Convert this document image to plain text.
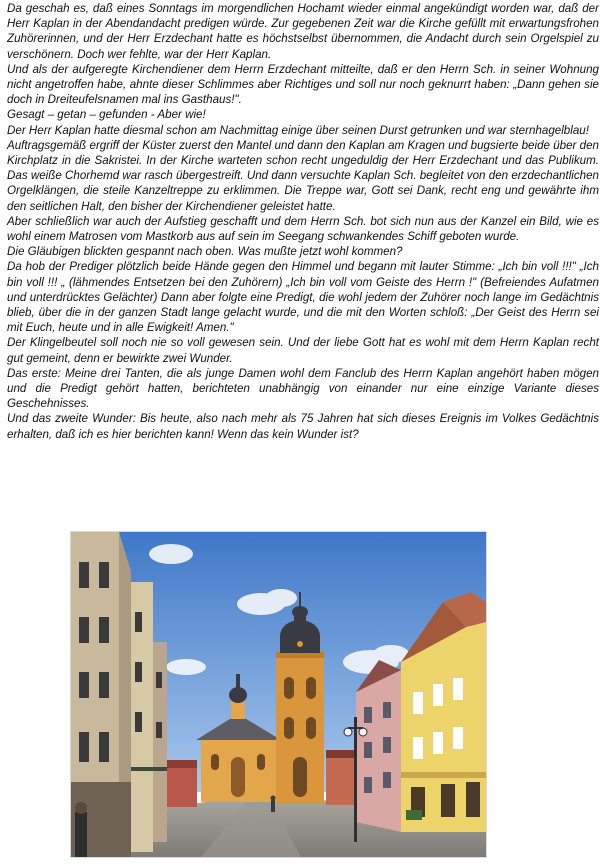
Da geschah es, daß eines Sonntags im morgendlichen Hochamt wieder einmal angekündigt worden war, daß der Herr Kaplan in der Abendandacht predigen würde. Zur gegebenen Zeit war die Kirche gefüllt mit erwartungsfrohen Zuhörerinnen, und der Herr Erzdechant hatte es höchstselbst übernommen, die Andacht durch sein Orgelspiel zu verschönern. Doch wer fehlte, war der Herr Kaplan.

Und als der aufgeregte Kirchendiener dem Herrn Erzdechant mitteilte, daß er den Herrn Sch. in seiner Wohnung nicht angetroffen habe, ahnte dieser Schlimmes aber Richtiges und soll nur noch geknurrt haben: „Dann gehen sie doch in Dreiteufelsnamen mal ins Gasthaus!".

Gesagt – getan – gefunden - Aber wie!

Der Herr Kaplan hatte diesmal schon am Nachmittag einige über seinen Durst getrunken und war sternhagelblau!

Auftragsgemäß ergriff der Küster zuerst den Mantel und dann den Kaplan am Kragen und bugsierte beide über den Kirchplatz in die Sakristei. In der Kirche warteten schon recht ungeduldig der Herr Erzdechant und das Publikum. Das weiße Chorhemd war rasch übergestreift. Und dann versuchte Kaplan Sch. begleitet von den erzdechantlichen Orgelklängen, die steile Kanzeltreppe zu erklimmen. Die Treppe war, Gott sei Dank, recht eng und gewährte ihm den seitlichen Halt, den bisher der Kirchendiener geleistet hatte.

Aber schließlich war auch der Aufstieg geschafft und dem Herrn Sch. bot sich nun aus der Kanzel ein Bild, wie es wohl einem Matrosen vom Mastkorb aus auf sein im Seegang schwankendes Schiff geboten wurde.

Die Gläubigen blickten gespannt nach oben. Was mußte jetzt wohl kommen?

Da hob der Prediger plötzlich beide Hände gegen den Himmel und begann mit lauter Stimme: „Ich bin voll !!!" „Ich bin voll !!! „ (lähmendes Entsetzen bei den Zuhörern) „Ich bin voll vom Geiste des Herrn !" (Befreiendes Aufatmen und unterdrücktes Gelächter) Dann aber folgte eine Predigt, die wohl jedem der Zuhörer noch lange im Gedächtnis blieb, über die in der ganzen Stadt lange gelacht wurde, und die mit den Worten schloß: „Der Geist des Herrn sei mit Euch, heute und in alle Ewigkeit! Amen."

Der Klingelbeutel soll noch nie so voll gewesen sein. Und der liebe Gott hat es wohl mit dem Herrn Kaplan recht gut gemeint, denn er bewirkte zwei Wunder.

Das erste: Meine drei Tanten, die als junge Damen wohl dem Fanclub des Herrn Kaplan angehört haben mögen und die Predigt gehört hatten, berichteten unabhängig von einander nur eine einzige Variante dieses Geschehnisses.

Und das zweite Wunder: Bis heute, also nach mehr als 75 Jahren hat sich dieses Ereignis im Volkes Gedächtnis erhalten, daß ich es hier berichten kann! Wenn das kein Wunder ist?
